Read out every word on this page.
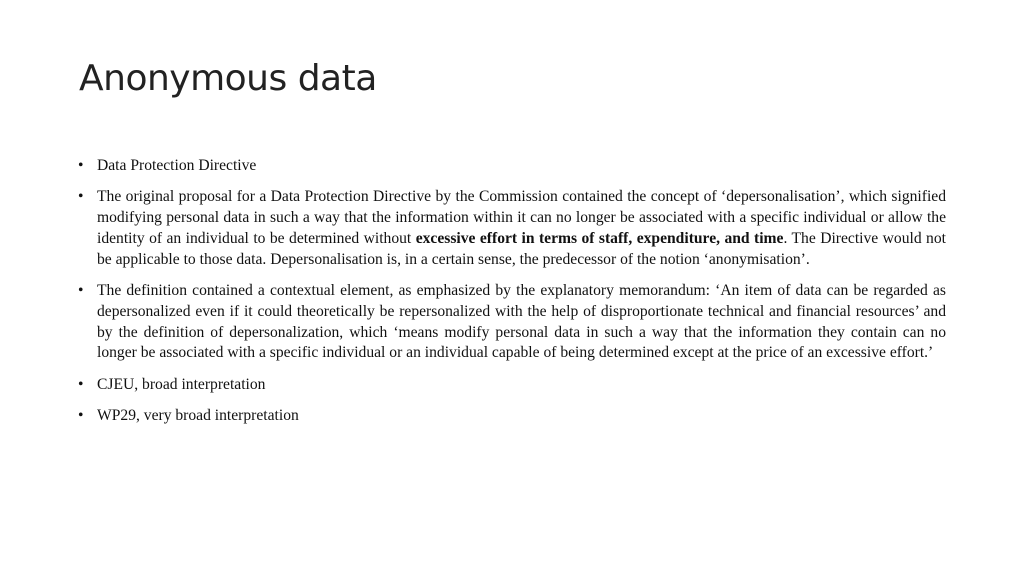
Anonymous data
• Data Protection Directive
• The original proposal for a Data Protection Directive by the Commission contained the concept of ‘depersonalisation’, which signified modifying personal data in such a way that the information within it can no longer be associated with a specific individual or allow the identity of an individual to be determined without excessive effort in terms of staff, expenditure, and time. The Directive would not be applicable to those data. Depersonalisation is, in a certain sense, the predecessor of the notion ‘anonymisation’.
• The definition contained a contextual element, as emphasized by the explanatory memorandum: ‘An item of data can be regarded as depersonalized even if it could theoretically be repersonalized with the help of disproportionate technical and financial resources’ and by the definition of depersonalization, which ‘means modify personal data in such a way that the information they contain can no longer be associated with a specific individual or an individual capable of being determined except at the price of an excessive effort.’
• CJEU, broad interpretation
• WP29, very broad interpretation
